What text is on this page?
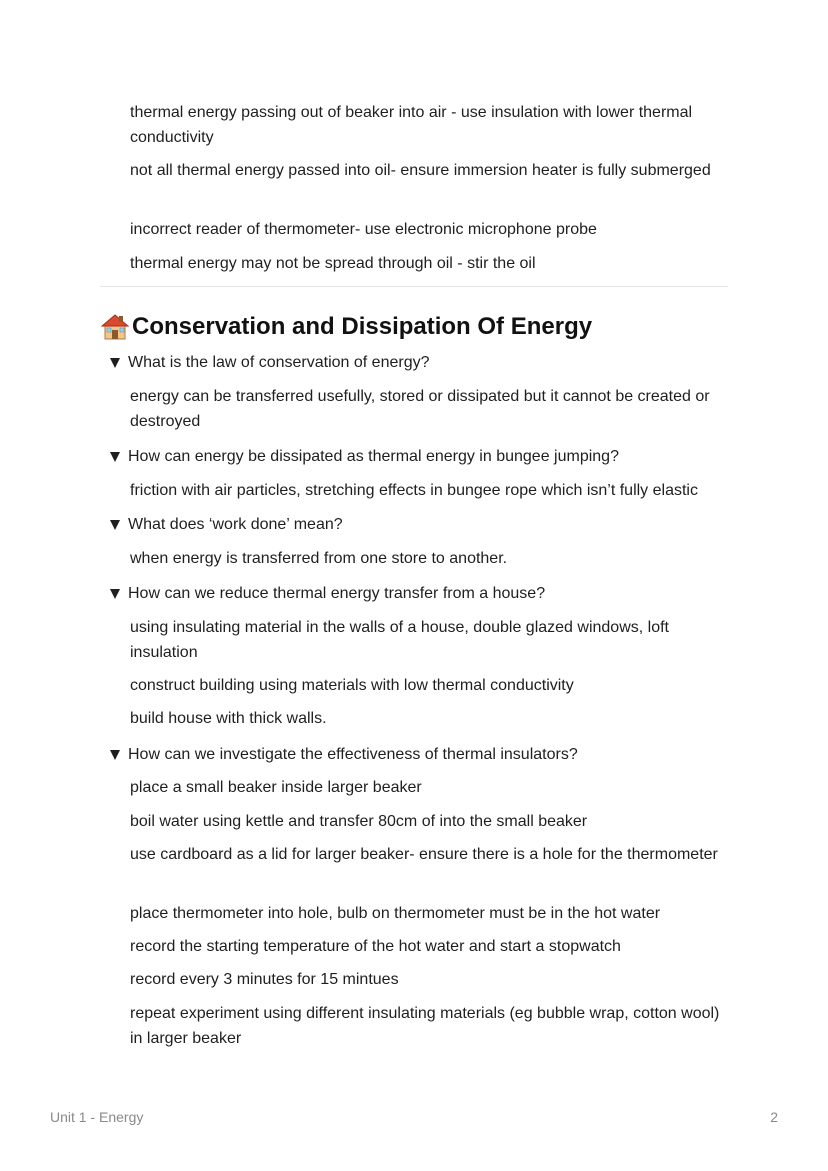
thermal energy passing out of beaker into air - use insulation with lower thermal conductivity

not all thermal energy passed into oil- ensure immersion heater is fully submerged

incorrect reader of thermometer- use electronic microphone probe

thermal energy may not be spread through oil - stir the oil

Conservation and Dissipation Of Energy
What is the law of conservation of energy?

energy can be transferred usefully, stored or dissipated but it cannot be created or destroyed

How can energy be dissipated as thermal energy in bungee jumping?

friction with air particles, stretching effects in bungee rope which isn’t fully elastic

What does ‘work done’ mean?

when energy is transferred from one store to another.

How can we reduce thermal energy transfer from a house?

using insulating material in the walls of a house, double glazed windows, loft insulation

construct building using materials with low thermal conductivity

build house with thick walls.

How can we investigate the effectiveness of thermal insulators?

place a small beaker inside larger beaker

boil water using kettle and transfer 80cm of into the small beaker

use cardboard as a lid for larger beaker- ensure there is a hole for the thermometer

place thermometer into hole, bulb on thermometer must be in the hot water

record the starting temperature of the hot water and start a stopwatch

record every 3 minutes for 15 mintues

repeat experiment using different insulating materials (eg bubble wrap, cotton wool) in larger beaker

Unit 1 - Energy	2
